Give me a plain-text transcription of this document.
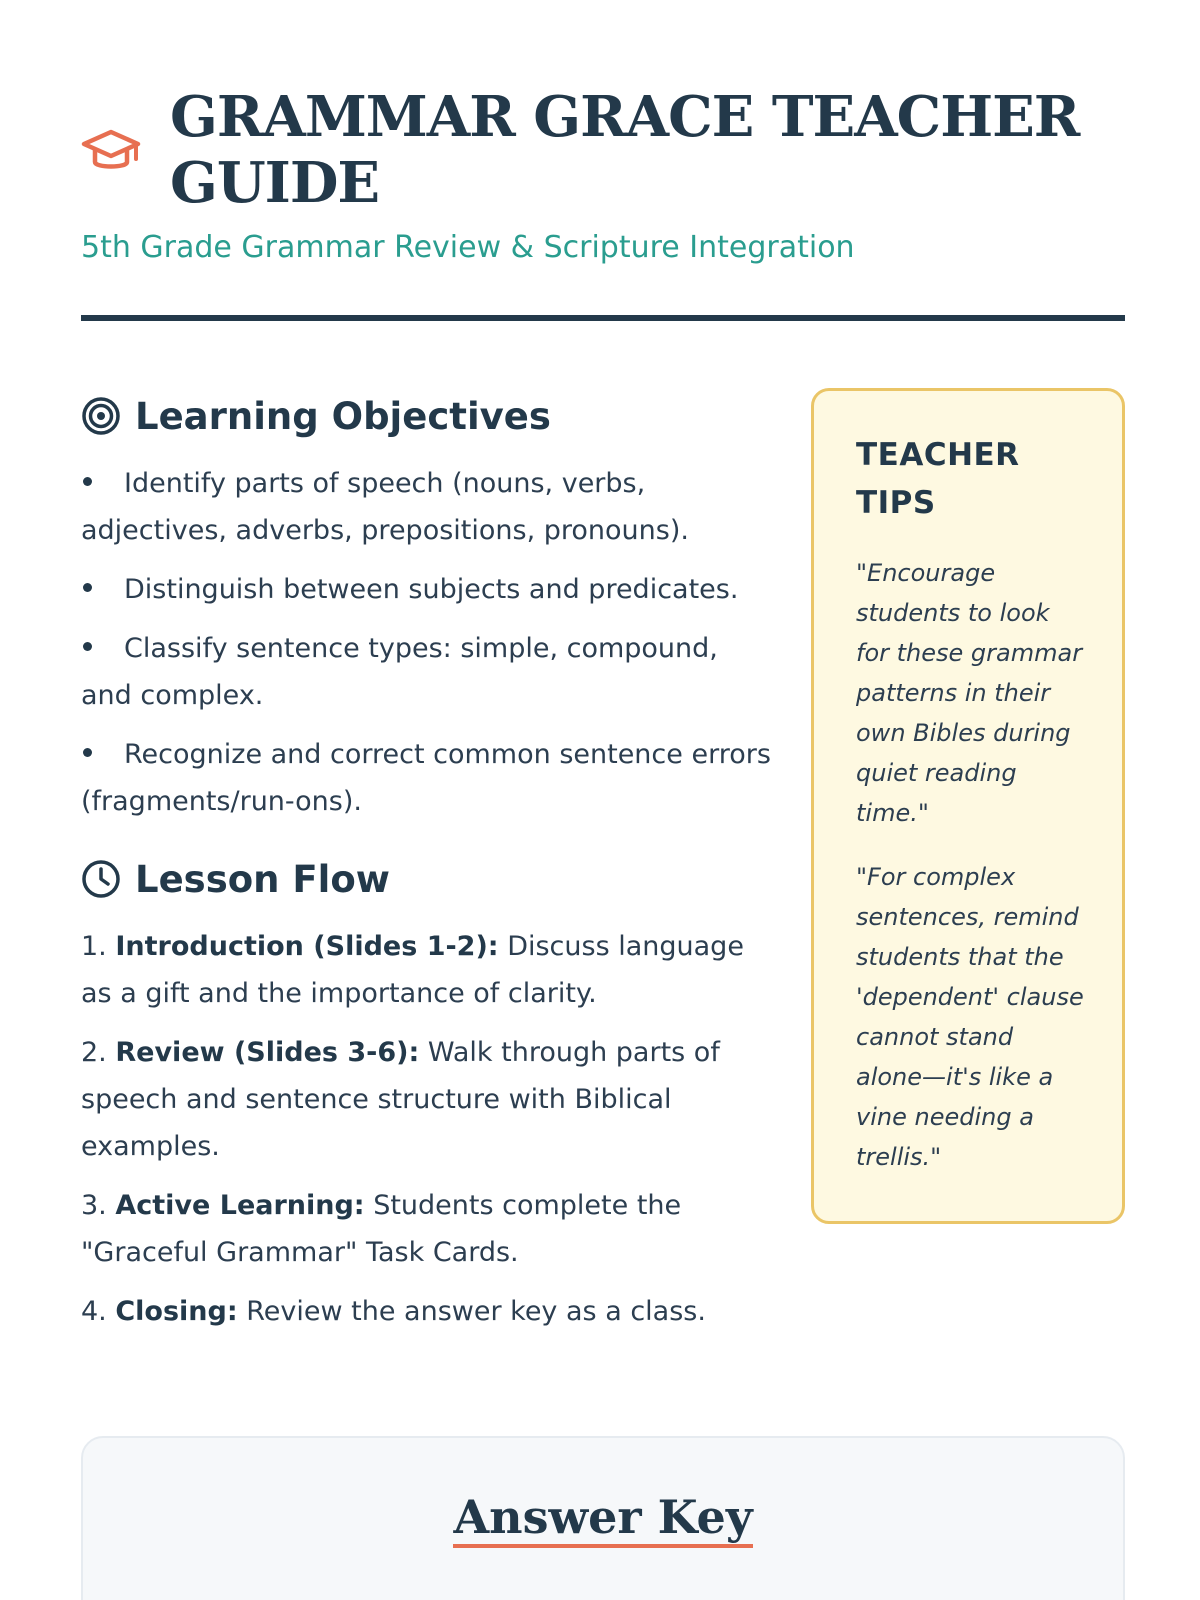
GRAMMAR GRACE TEACHER GUIDE
5th Grade Grammar Review & Scripture Integration
Learning Objectives
Identify parts of speech (nouns, verbs, adjectives, adverbs, prepositions, pronouns).
Distinguish between subjects and predicates.
Classify sentence types: simple, compound, and complex.
Recognize and correct common sentence errors (fragments/run-ons).
Lesson Flow
1. Introduction (Slides 1-2): Discuss language as a gift and the importance of clarity.
2. Review (Slides 3-6): Walk through parts of speech and sentence structure with Biblical examples.
3. Active Learning: Students complete the "Graceful Grammar" Task Cards.
4. Closing: Review the answer key as a class.
TEACHER TIPS

"Encourage students to look for these grammar patterns in their own Bibles during quiet reading time."

"For complex sentences, remind students that the 'dependent' clause cannot stand alone—it's like a vine needing a trellis."

Answer Key
